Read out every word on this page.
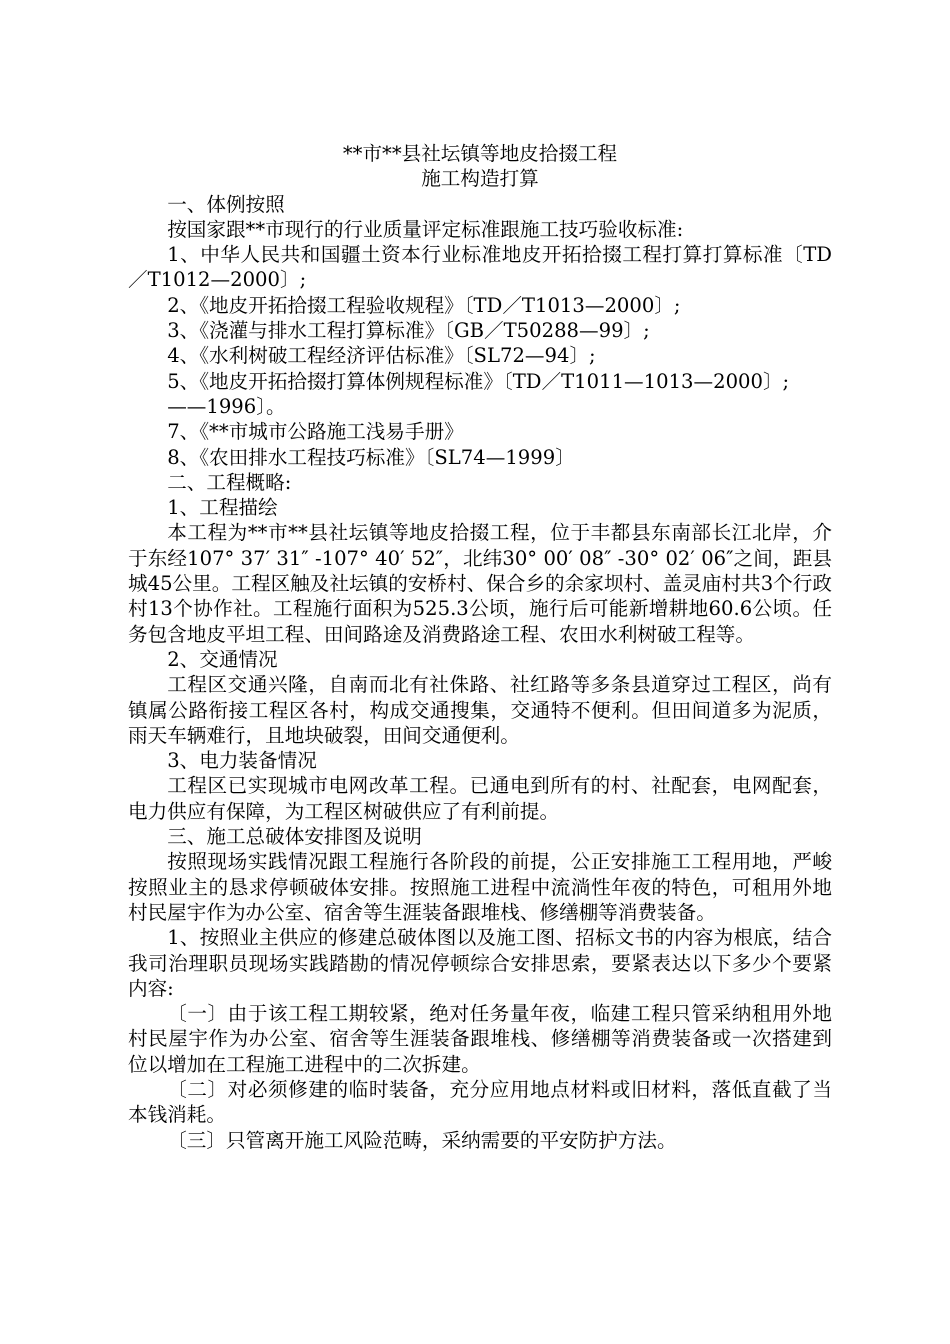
**市**县社坛镇等地皮拾掇工程
施工构造打算
一、体例按照
按国家跟**市现行的行业质量评定标准跟施工技巧验收标准:
1、中华人民共和国疆土资本行业标准地皮开拓拾掇工程打算打算标准〔TD／T1012—2000〕;
2、《地皮开拓拾掇工程验收规程》〔TD／T1013—2000〕;
3、《浇灌与排水工程打算标准》〔GB／T50288—99〕;
4、《水利树破工程经济评估标准》〔SL72—94〕;
5、《地皮开拓拾掇打算体例规程标准》〔TD／T1011—1013—2000〕;
——1996〕。
7、《**市城市公路施工浅易手册》
8、《农田排水工程技巧标准》〔SL74—1999〕
二、工程概略:
1、工程描绘
本工程为**市**县社坛镇等地皮拾掇工程，位于丰都县东南部长江北岸，介于东经107° 37′ 31″ -107° 40′ 52″，北纬30° 00′ 08″ -30° 02′ 06″之间，距县城45公里。工程区触及社坛镇的安桥村、保合乡的余家坝村、盖灵庙村共3个行政村13个协作社。工程施行面积为525.3公顷，施行后可能新增耕地60.6公顷。任务包含地皮平坦工程、田间路途及消费路途工程、农田水利树破工程等。
2、交通情况
工程区交通兴隆，自南而北有社侏路、社红路等多条县道穿过工程区，尚有镇属公路衔接工程区各村，构成交通搜集，交通特不便利。但田间道多为泥质，雨天车辆难行，且地块破裂，田间交通便利。
3、电力装备情况
工程区已实现城市电网改革工程。已通电到所有的村、社配套，电网配套，电力供应有保障，为工程区树破供应了有利前提。
三、施工总破体安排图及说明
按照现场实践情况跟工程施行各阶段的前提，公正安排施工工程用地，严峻按照业主的恳求停顿破体安排。按照施工进程中流淌性年夜的特色，可租用外地村民屋宇作为办公室、宿舍等生涯装备跟堆栈、修缮棚等消费装备。
1、按照业主供应的修建总破体图以及施工图、招标文书的内容为根底，结合我司治理职员现场实践踏勘的情况停顿综合安排思索，要紧表达以下多少个要紧内容:
〔一〕由于该工程工期较紧，绝对任务量年夜，临建工程只管采纳租用外地村民屋宇作为办公室、宿舍等生涯装备跟堆栈、修缮棚等消费装备或一次搭建到位以增加在工程施工进程中的二次拆建。
〔二〕对必须修建的临时装备，充分应用地点材料或旧材料，落低直截了当本钱消耗。
〔三〕只管离开施工风险范畴，采纳需要的平安防护方法。
